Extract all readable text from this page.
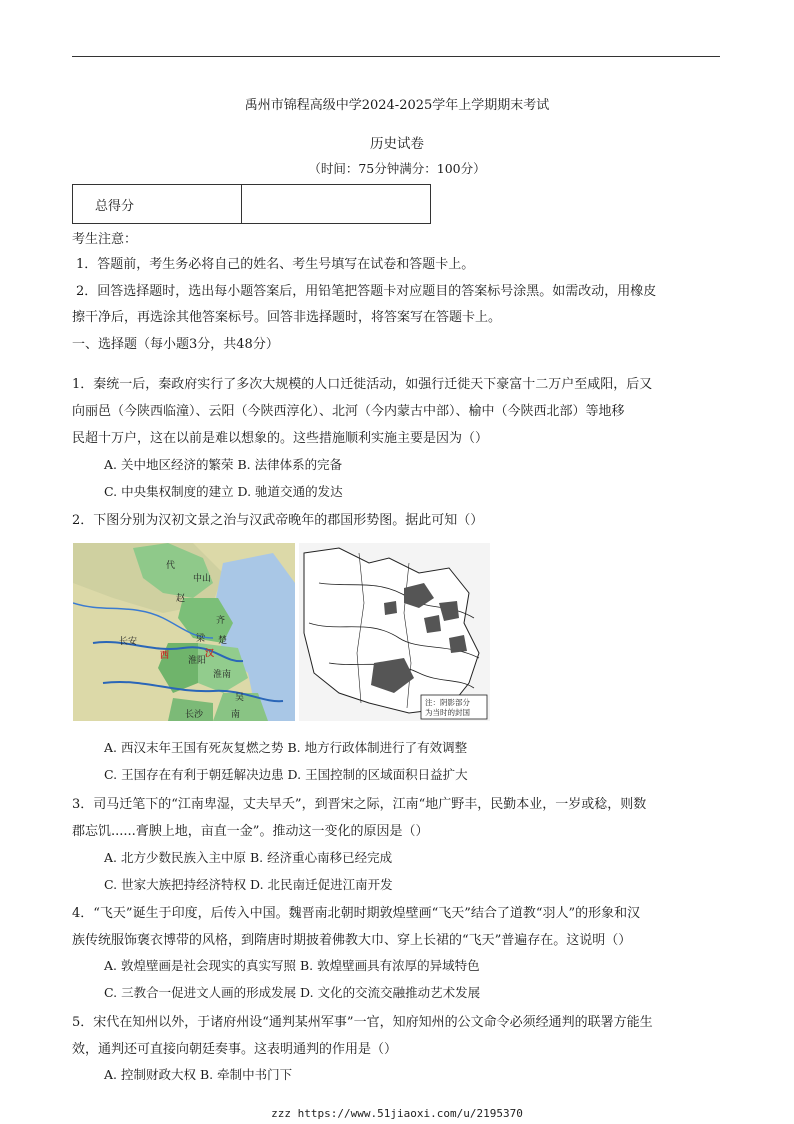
禹州市锦程高级中学2024-2025学年上学期期末考试
历史试卷
（时间：75分钟满分：100分）
总得分	
考生注意：
1．答题前，考生务必将自己的姓名、考生号填写在试卷和答题卡上。
2．回答选择题时，选出每小题答案后，用铅笔把答题卡对应题目的答案标号涂黑。如需改动，用橡皮
擦干净后，再选涂其他答案标号。回答非选择题时，将答案写在答题卡上。
一、选择题（每小题3分，共48分）
1．秦统一后，秦政府实行了多次大规模的人口迁徙活动，如强行迁徙天下豪富十二万户至咸阳，后又
向丽邑（今陕西临潼）、云阳（今陕西淳化）、北河（今内蒙古中部）、榆中（今陕西北部）等地移
民超十万户，这在以前是难以想象的。这些措施顺利实施主要是因为（）
A. 关中地区经济的繁荣 B. 法律体系的完备
C. 中央集权制度的建立 D. 驰道交通的发达
2．下图分别为汉初文景之治与汉武帝晚年的郡国形势图。据此可知（）
代
中山
赵
齐
梁 楚
淮阳
淮南
吴
长沙
长安
西	汉
南
注：阴影部分
为当时的封国
A. 西汉末年王国有死灰复燃之势 B. 地方行政体制进行了有效调整
C. 王国存在有利于朝廷解决边患 D. 王国控制的区域面积日益扩大
3．司马迁笔下的“江南卑湿，丈夫早夭”，到晋宋之际，江南“地广野丰，民勤本业，一岁或稔，则数
郡忘饥......膏腴上地，亩直一金”。推动这一变化的原因是（）
A. 北方少数民族入主中原 B. 经济重心南移已经完成
C. 世家大族把持经济特权 D. 北民南迁促进江南开发
4．“飞天”诞生于印度，后传入中国。魏晋南北朝时期敦煌壁画“飞天”结合了道教“羽人”的形象和汉
族传统服饰褒衣博带的风格，到隋唐时期披着佛教大巾、穿上长裙的“飞天”普遍存在。这说明（）
A. 敦煌壁画是社会现实的真实写照 B. 敦煌壁画具有浓厚的异域特色
C. 三教合一促进文人画的形成发展 D. 文化的交流交融推动艺术发展
5．宋代在知州以外，于诸府州设“通判某州军事”一官，知府知州的公文命令必须经通判的联署方能生
效，通判还可直接向朝廷奏事。这表明通判的作用是（）
A. 控制财政大权 B. 牵制中书门下
zzz https://www.51jiaoxi.com/u/2195370
